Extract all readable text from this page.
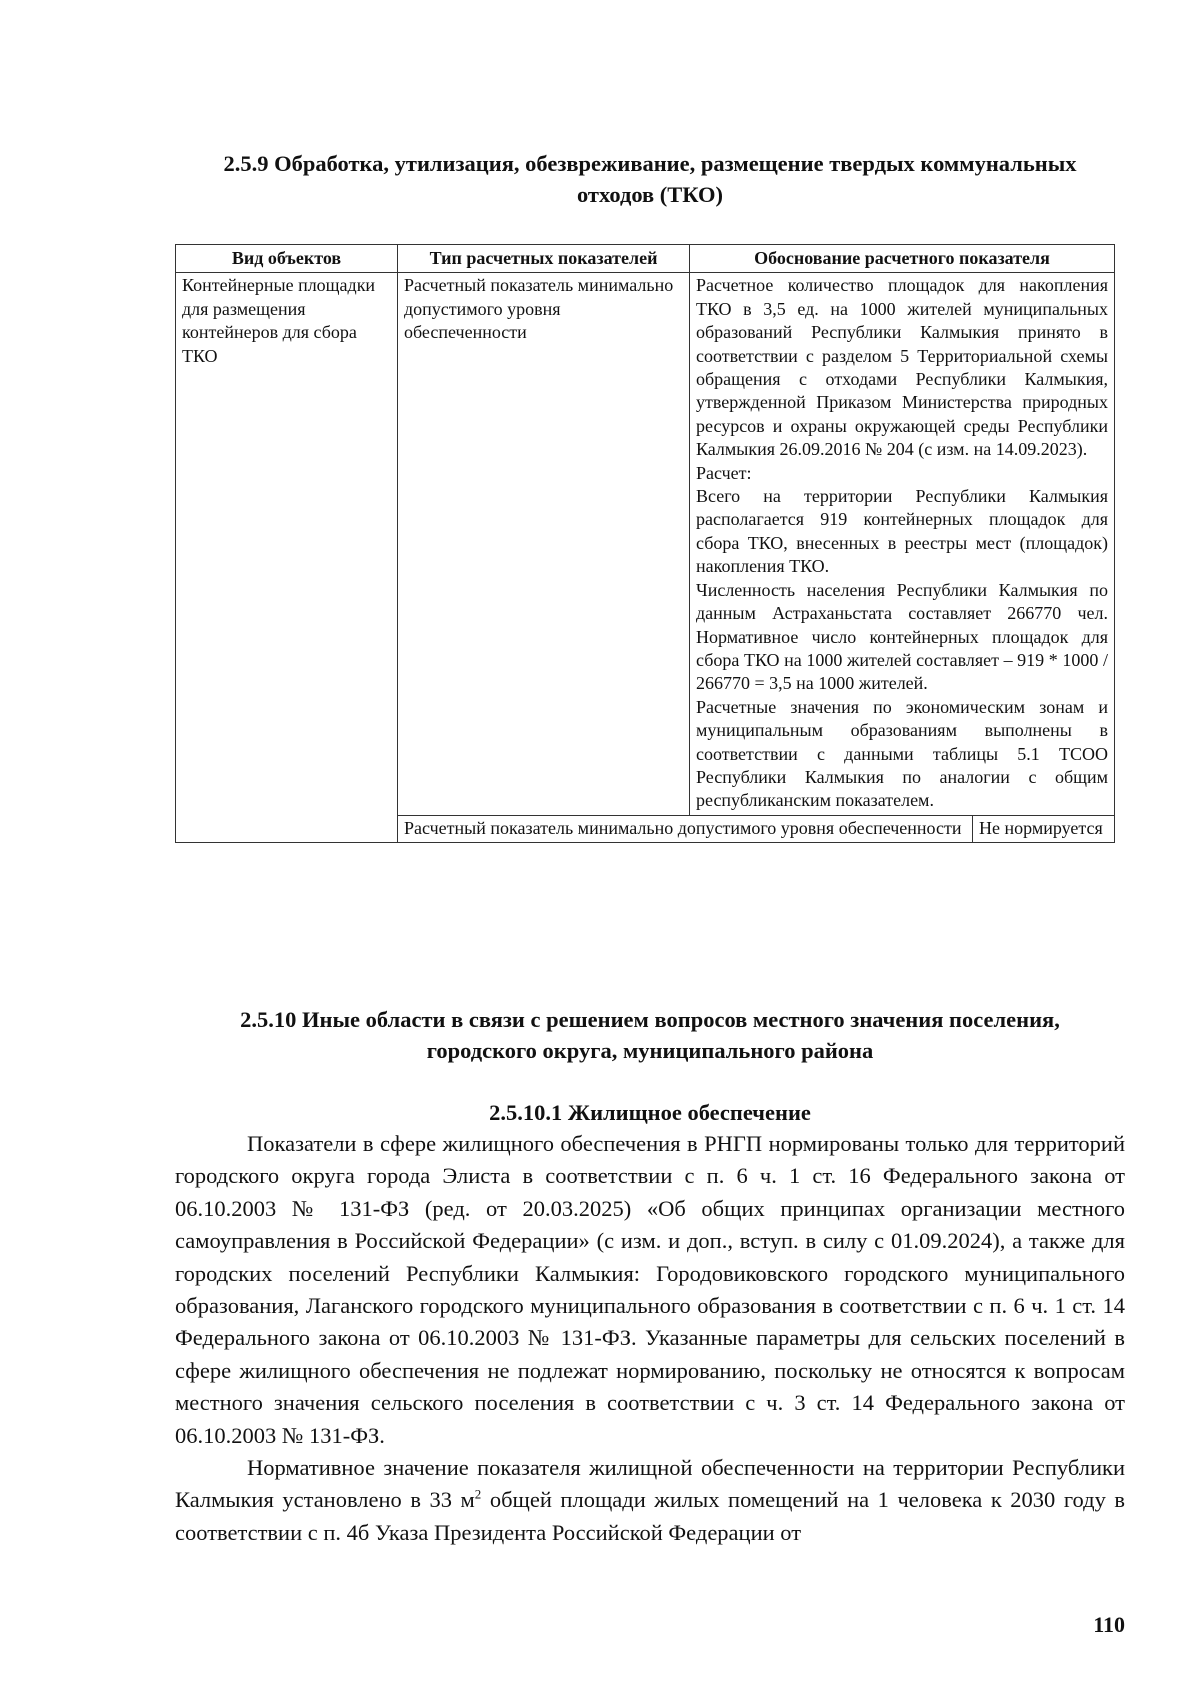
2.5.9 Обработка, утилизация, обезвреживание, размещение твердых коммунальных
отходов (ТКО)
Вид объектов	Тип расчетных показателей	Обоснование расчетного показателя	
Контейнерные площадки для размещения контейнеров для сбора ТКО	Расчетный показатель минимально допустимого уровня обеспеченности	Расчетное количество площадок для накопления ТКО в 3,5 ед. на 1000 жителей муниципальных образований Республики Калмыкия принято в соответствии с разделом 5 Территориальной схемы обращения с отходами Республики Калмыкия, утвержденной Приказом Министерства природных ресурсов и охраны окружающей среды Республики Калмыкия 26.09.2016 № 204 (с изм. на 14.09.2023).

Расчет:

Всего на территории Республики Калмыкия располагается 919 контейнерных площадок для сбора ТКО, внесенных в реестры мест (площадок) накопления ТКО.

Численность населения Республики Калмыкия по данным Астраханьстата составляет 266770 чел. Нормативное число контейнерных площадок для сбора ТКО на 1000 жителей составляет – 919 * 1000 / 266770 = 3,5 на 1000 жителей.

Расчетные значения по экономическим зонам и муниципальным образованиям выполнены в соответствии с данными таблицы 5.1 ТСОО Республики Калмыкия по аналогии с общим республиканским показателем.	

	Расчетный показатель минимально допустимого уровня обеспеченности		Не нормируется
2.5.10 Иные области в связи с решением вопросов местного значения поселения,
городского округа, муниципального района
2.5.10.1 Жилищное обеспечение

Показатели в сфере жилищного обеспечения в РНГП нормированы только для территорий городского округа города Элиста в соответствии с п. 6 ч. 1 ст. 16 Федерального закона от 06.10.2003 № 131-ФЗ (ред. от 20.03.2025) «Об общих принципах организации местного самоуправления в Российской Федерации» (с изм. и доп., вступ. в силу с 01.09.2024), а также для городских поселений Республики Калмыкия: Городовиковского городского муниципального образования, Лаганского городского муниципального образования в соответствии с п. 6 ч. 1 ст. 14 Федерального закона от 06.10.2003 № 131-ФЗ. Указанные параметры для сельских поселений в сфере жилищного обеспечения не подлежат нормированию, поскольку не относятся к вопросам местного значения сельского поселения в соответствии с ч. 3 ст. 14 Федерального закона от 06.10.2003 № 131-ФЗ.

Нормативное значение показателя жилищной обеспеченности на территории Республики Калмыкия установлено в 33 $м^2$ общей площади жилых помещений на 1 человека к 2030 году в соответствии с п. 4б Указа Президента Российской Федерации от

110
